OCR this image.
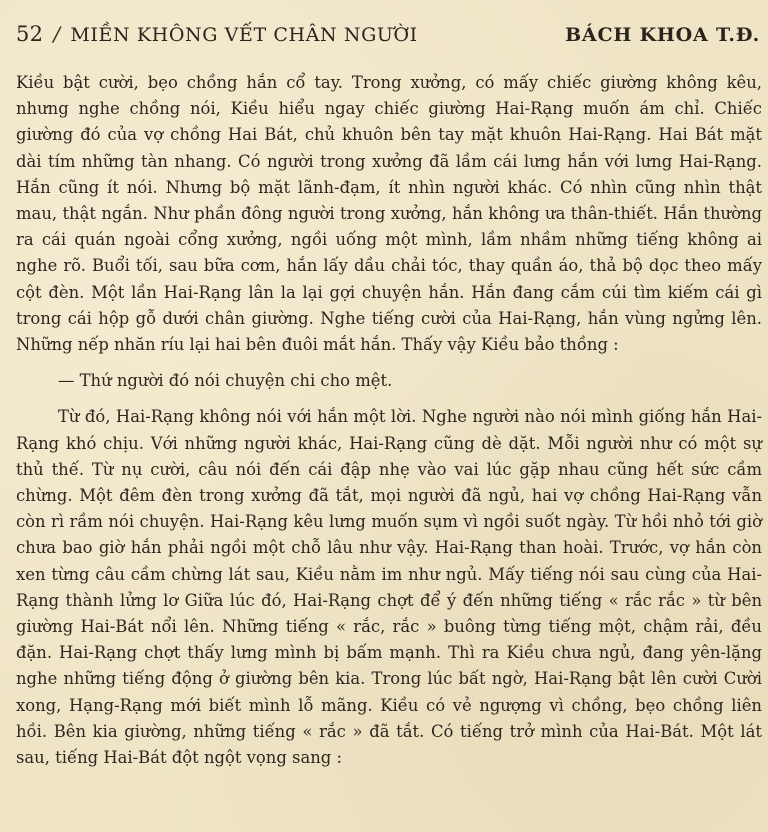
52 / MIỀN KHÔNG VẾT CHÂN NGƯỜI	BÁCH KHOA T.Đ.

Kiều bật cười, bẹo chồng hắn cổ tay. Trong xưởng, có mấy chiếc giường không kêu, nhưng nghe chồng nói, Kiều hiểu ngay chiếc giường Hai-Rạng muốn ám chỉ. Chiếc giường đó của vợ chồng Hai Bát, chủ khuôn bên tay mặt khuôn Hai-Rạng. Hai Bát mặt dài tím những tàn nhang. Có người trong xưởng đã lầm cái lưng hắn với lưng Hai-Rạng. Hắn cũng ít nói. Nhưng bộ mặt lãnh-đạm, ít nhìn người khác. Có nhìn cũng nhìn thật mau, thật ngắn. Như phần đông người trong xưởng, hắn không ưa thân-thiết. Hắn thường ra cái quán ngoài cổng xưởng, ngồi uống một mình, lầm nhầm những tiếng không ai nghe rõ. Buổi tối, sau bữa cơm, hắn lấy dầu chải tóc, thay quần áo, thả bộ dọc theo mấy cột đèn. Một lần Hai-Rạng lân la lại gợi chuyện hắn. Hắn đang cắm cúi tìm kiếm cái gì trong cái hộp gỗ dưới chân giường. Nghe tiếng cười của Hai-Rạng, hắn vùng ngửng lên. Những nếp nhăn ríu lại hai bên đuôi mắt hắn. Thấy vậy Kiều bảo thồng :

— Thứ người đó nói chuyện chi cho mệt.

Từ đó, Hai-Rạng không nói với hắn một lời. Nghe người nào nói mình giống hắn Hai-Rạng khó chịu. Với những người khác, Hai-Rạng cũng dè dặt. Mỗi người như có một sự thủ thế. Từ nụ cười, câu nói đến cái đập nhẹ vào vai lúc gặp nhau cũng hết sức cầm chừng. Một đêm đèn trong xưởng đã tắt, mọi người đã ngủ, hai vợ chồng Hai-Rạng vẫn còn rì rầm nói chuyện. Hai-Rạng kêu lưng muốn sụm vì ngồi suốt ngày. Từ hồi nhỏ tới giờ chưa bao giờ hắn phải ngồi một chỗ lâu như vậy. Hai-Rạng than hoài. Trước, vợ hắn còn xen từng câu cầm chừng lát sau, Kiều nằm im như ngủ. Mấy tiếng nói sau cùng của Hai-Rạng thành lửng lơ Giữa lúc đó, Hai-Rạng chợt để ý đến những tiếng « rắc rắc » từ bên giường Hai-Bát nổi lên. Những tiếng « rắc, rắc » buông từng tiếng một, chậm rải, đều đặn. Hai-Rạng chợt thấy lưng mình bị bấm mạnh. Thì ra Kiều chưa ngủ, đang yên-lặng nghe những tiếng động ở giường bên kia. Trong lúc bất ngờ, Hai-Rạng bật lên cười Cười xong, Hạng-Rạng mới biết mình lỗ mãng. Kiều có vẻ ngượng vì chồng, bẹo chồng liên hồi. Bên kia giường, những tiếng « rắc » đã tắt. Có tiếng trở mình của Hai-Bát. Một lát sau, tiếng Hai-Bát đột ngột vọng sang :
